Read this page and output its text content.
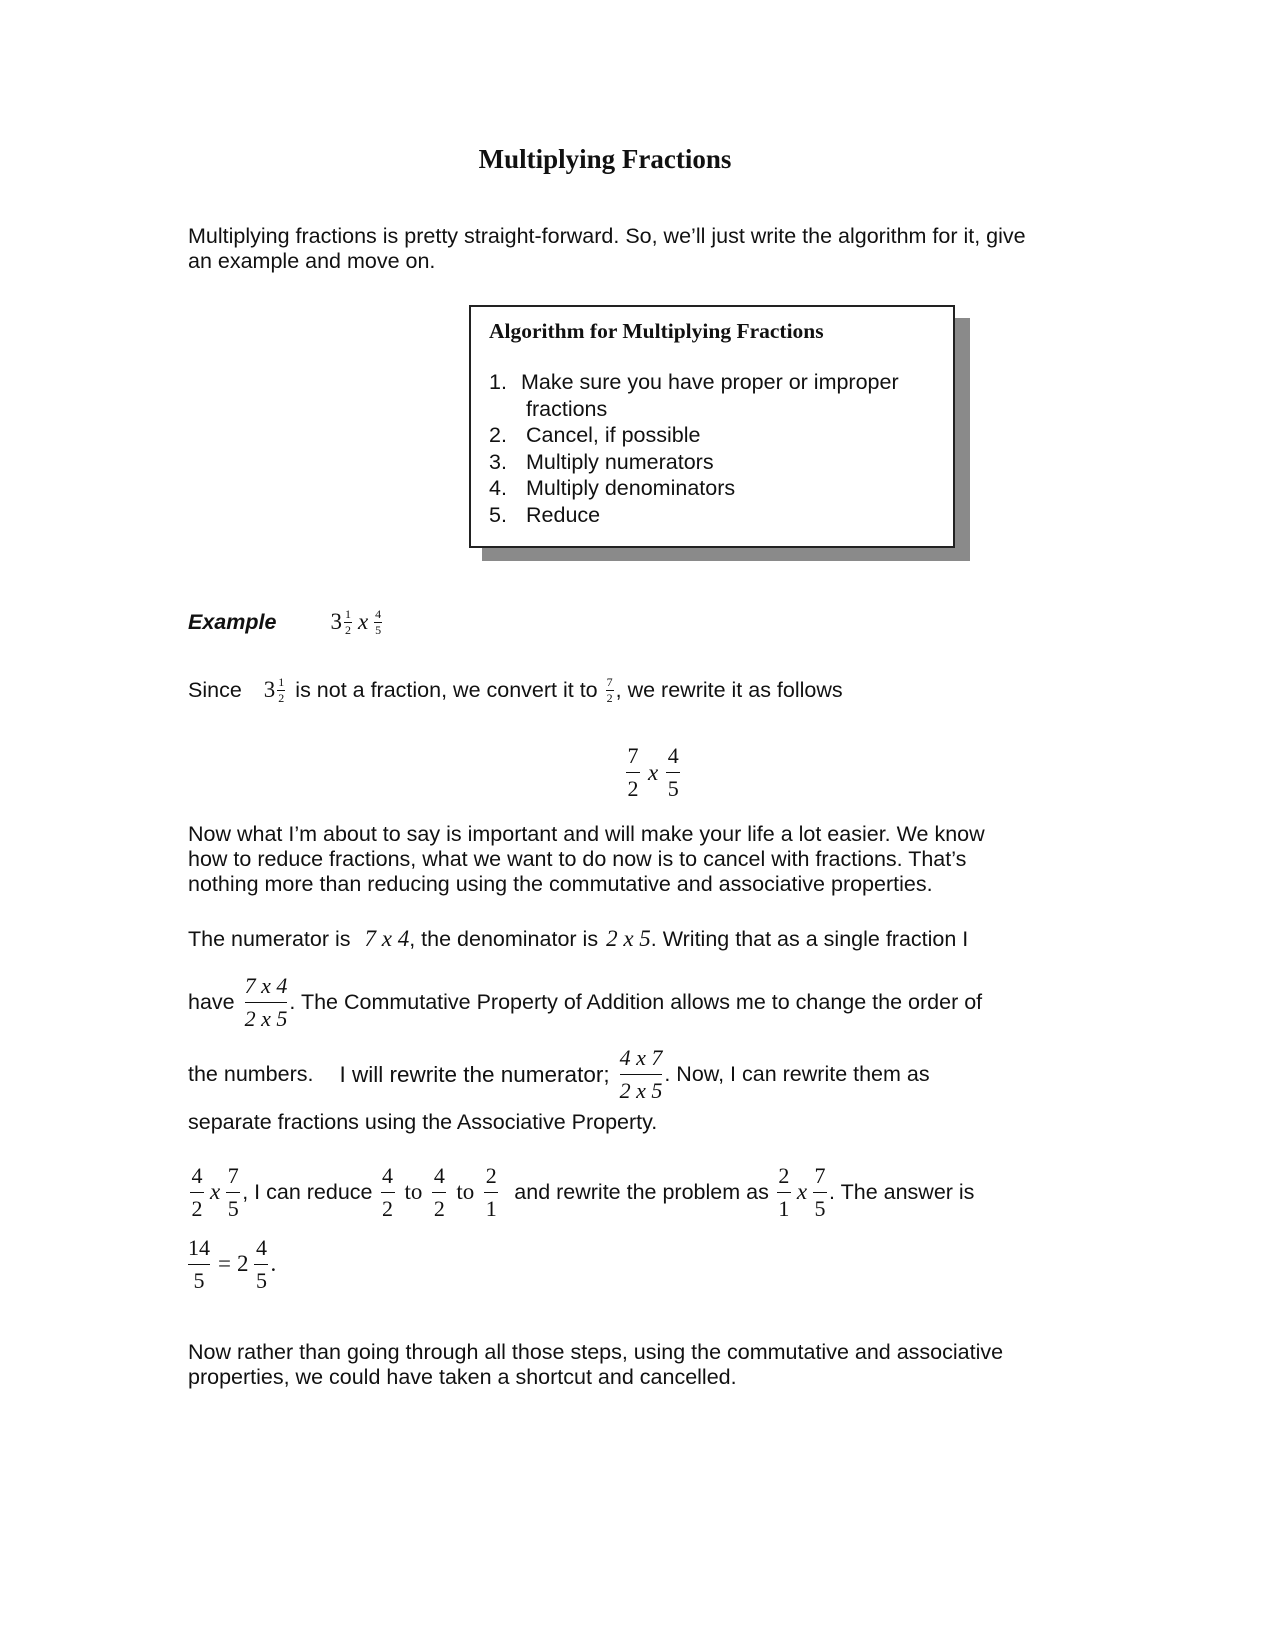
Multiplying Fractions
Multiplying fractions is pretty straight-forward. So, we’ll just write the algorithm for it, give
an example and move on.
Algorithm for Multiplying Fractions
1. Make sure you have proper or improper
fractions
2. Cancel, if possible
3. Multiply numerators
4. Multiply denominators
5. Reduce
Example $3 \frac{1}{2}$ x $\frac{4}{5}$
Since $3 \frac{1}{2}$ is not a fraction, we convert it to $\frac{7}{2}$ , we rewrite it as follows
$\frac{7}{2}$ x $\frac{4}{5}$
Now what I’m about to say is important and will make your life a lot easier. We know
how to reduce fractions, what we want to do now is to cancel with fractions. That’s
nothing more than reducing using the commutative and associative properties.
The numerator is 7 x 4 , the denominator is 2 x 5 . Writing that as a single fraction I
have $\frac{7 x 4}{2 x 5}$ . The Commutative Property of Addition allows me to change the order of
the numbers. I will rewrite the numerator; $\frac{4 x 7}{2 x 5}$ . Now, I can rewrite them as
separate fractions using the Associative Property.
$\frac{4}{2}$ x $\frac{7}{5}$ , I can reduce $\frac{4}{2}$ to $\frac{4}{2}$ to $\frac{2}{1}$ and rewrite the problem as $\frac{2}{1}$ x $\frac{7}{5}$ . The answer is
$\frac{14}{5} = 2 \frac{4}{5}$ .
Now rather than going through all those steps, using the commutative and associative
properties, we could have taken a shortcut and cancelled.
